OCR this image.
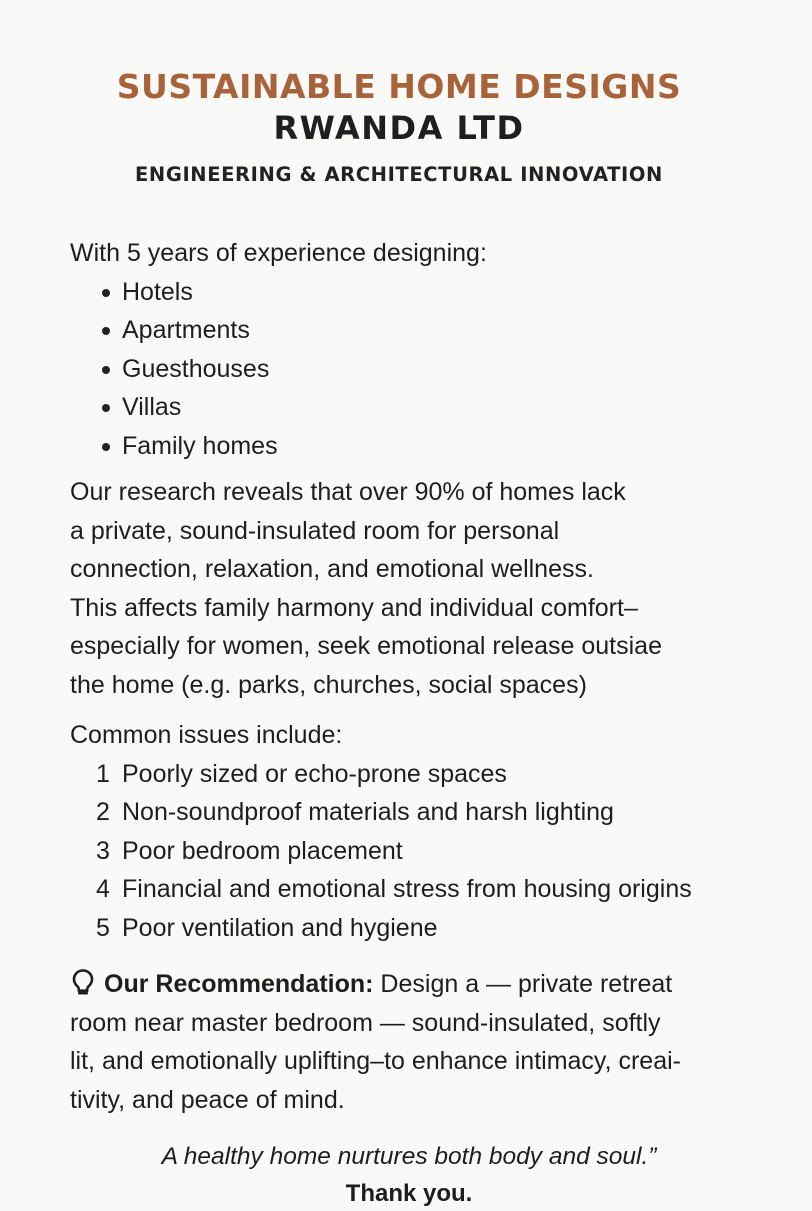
SUSTAINABLE HOME DESIGNS
RWANDA LTD

ENGINEERING & ARCHITECTURAL INNOVATION

With 5 years of experience designing:
Hotels
Apartments
Guesthouses
Villas
Family homes
Our research reveals that over 90% of homes lack
a private, sound-insulated room for personal
connection, relaxation, and emotional wellness.
This affects family harmony and individual comfort–
especially for women, seek emotional release outsiae
the home (e.g. parks, churches, social spaces)
Common issues include:
1 Poorly sized or echo-prone spaces
2 Non-soundproof materials and harsh lighting
3 Poor bedroom placement
4 Financial and emotional stress from housing origins
5 Poor ventilation and hygiene
Our Recommendation: Design a — private retreat
room near master bedroom — sound-insulated, softly
lit, and emotionally uplifting–to enhance intimacy, creai-
tivity, and peace of mind.
A healthy home nurtures both body and soul.”
Thank you.
